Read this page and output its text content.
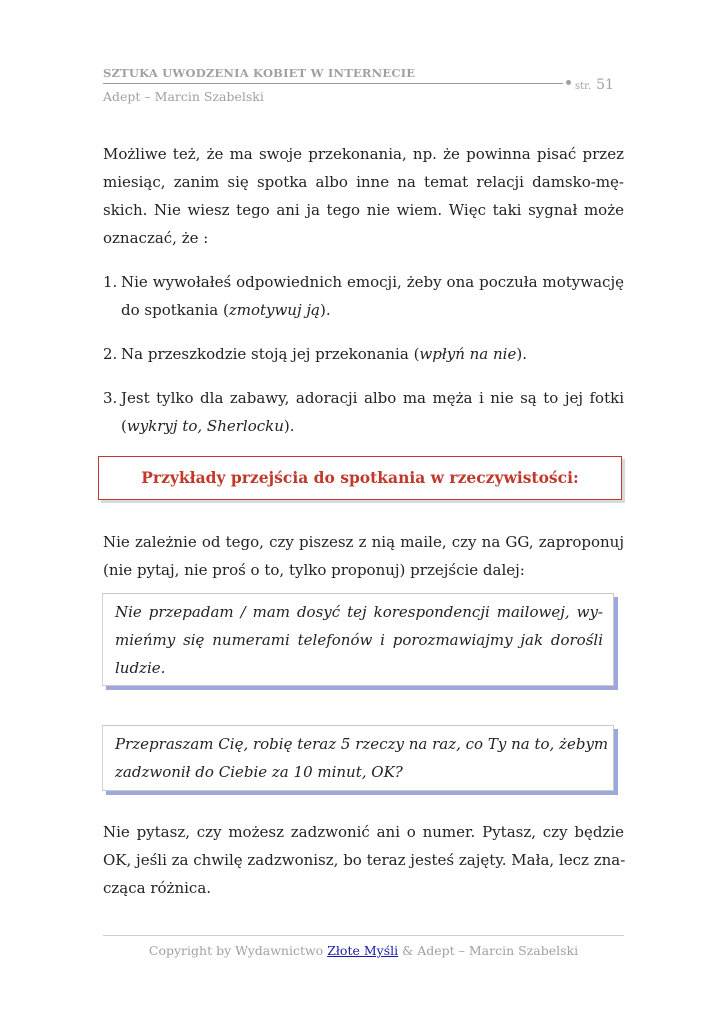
SZTUKA UWODZENIA KOBIET W INTERNECIE
str. 51
Adept – Marcin Szabelski
Możliwe też, że ma swoje przekonania, np. że powinna pisać przez
miesiąc, zanim się spotka albo inne na temat relacji damsko-mę-
skich. Nie wiesz tego ani ja tego nie wiem. Więc taki sygnał może
oznaczać, że :
1. Nie wywołałeś odpowiednich emocji, żeby ona poczuła motywację
do spotkania (zmotywuj ją).
2. Na przeszkodzie stoją jej przekonania (wpłyń na nie).
3. Jest tylko dla zabawy, adoracji albo ma męża i nie są to jej fotki
(wykryj to, Sherlocku).
Przykłady przejścia do spotkania w rzeczywistości:
Nie zależnie od tego, czy piszesz z nią maile, czy na GG, zaproponuj
(nie pytaj, nie proś o to, tylko proponuj) przejście dalej:
Nie przepadam / mam dosyć tej korespondencji mailowej, wy-
mieńmy się numerami telefonów i porozmawiajmy jak dorośli
ludzie.
Przepraszam Cię, robię teraz 5 rzeczy na raz, co Ty na to, żebym
zadzwonił do Ciebie za 10 minut, OK?
Nie pytasz, czy możesz zadzwonić ani o numer. Pytasz, czy będzie
OK, jeśli za chwilę zadzwonisz, bo teraz jesteś zajęty. Mała, lecz zna-
cząca różnica.
Copyright by Wydawnictwo Złote Myśli & Adept – Marcin Szabelski
